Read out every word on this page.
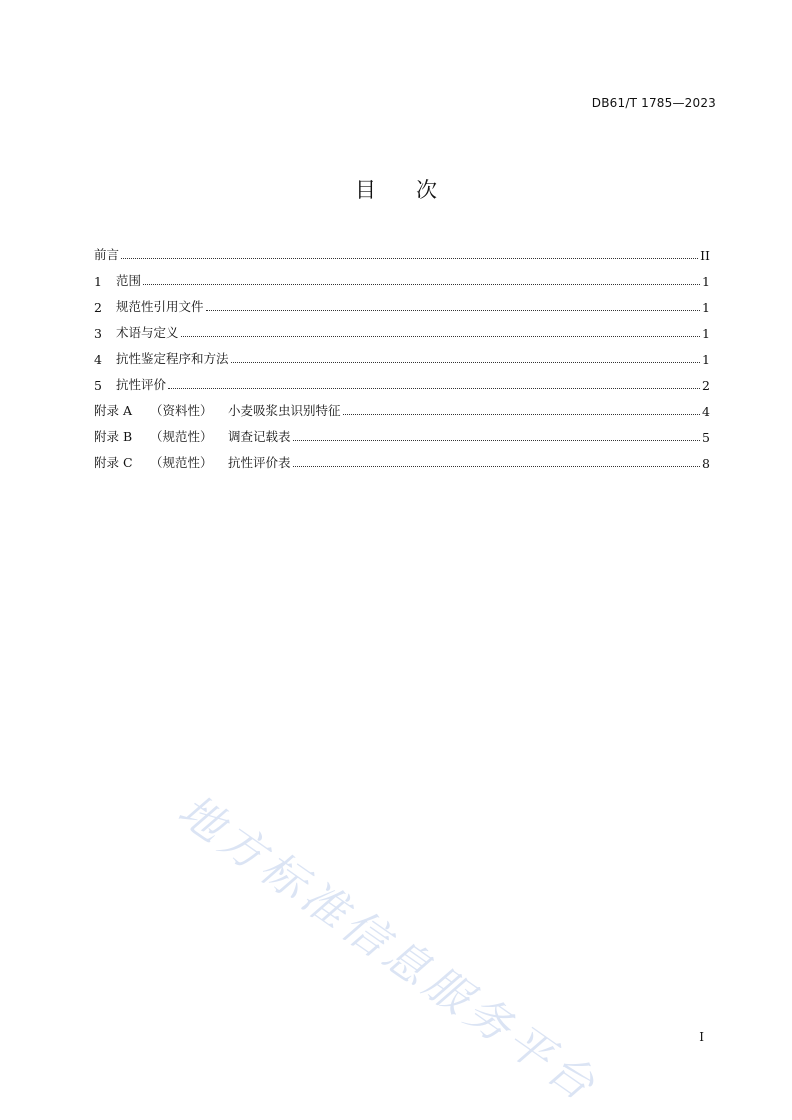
DB61/T 1785—2023
目 次
前言	II
1	范围	1
2	规范性引用文件	1
3	术语与定义	1
4	抗性鉴定程序和方法	1
5	抗性评价	2
附录 A	（资料性）	小麦吸浆虫识别特征	4
附录 B	（规范性）	调查记载表	5
附录 C	（规范性）	抗性评价表	8
地方标准信息服务平台	I
